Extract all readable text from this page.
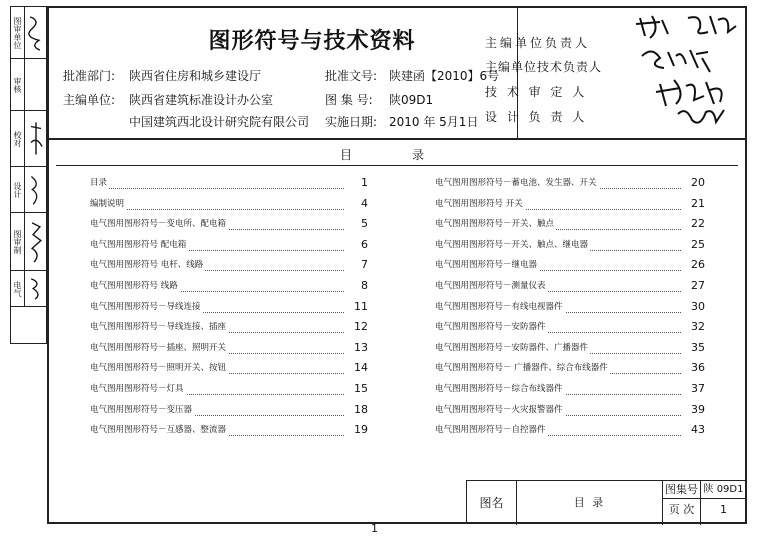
图审单位
审核
校对
设计
图审制
电气
图形符号与技术资料
批准部门: 陕西省住房和城乡建设厅
主编单位: 陕西省建筑标准设计办公室
中国建筑西北设计研究院有限公司
批准文号: 陕建函【2010】6号
图 集 号: 陕09D1
实施日期: 2010 年 5月1日
主编单位负责人
主编单位技术负责人
技 术 审 定 人
设 计 负 责 人
目录
目录	1
编制说明	4
电气图用图形符号－变电所、配电箱	5
电气图用图形符号 配电箱	6
电气图用图形符号 电杆、线路	7
电气图用图形符号 线路	8
电气图用图形符号－导线连接	11
电气图用图形符号－导线连接、插座	12
电气图用图形符号－插座、照明开关	13
电气图用图形符号－照明开关、按钮	14
电气图用图形符号－灯具	15
电气图用图形符号－变压器	18
电气图用图形符号－互感器、整流器	19
电气图用图形符号－蓄电池、发生器、开关	20
电气图用图形符号 开关	21
电气图用图形符号－开关、触点	22
电气图用图形符号－开关、触点、继电器	25
电气图用图形符号－继电器	26
电气图用图形符号－测量仪表	27
电气图用图形符号－有线电视器件	30
电气图用图形符号－安防器件	32
电气图用图形符号－安防器件、广播器件	35
电气图用图形符号－ 广播器件、综合布线器件	36
电气图用图形符号－综合布线器件	37
电气图用图形符号－火灾报警器件	39
电气图用图形符号－自控器件	43
图名	目 录
图集号 陕 09D1
页 次	1
1
